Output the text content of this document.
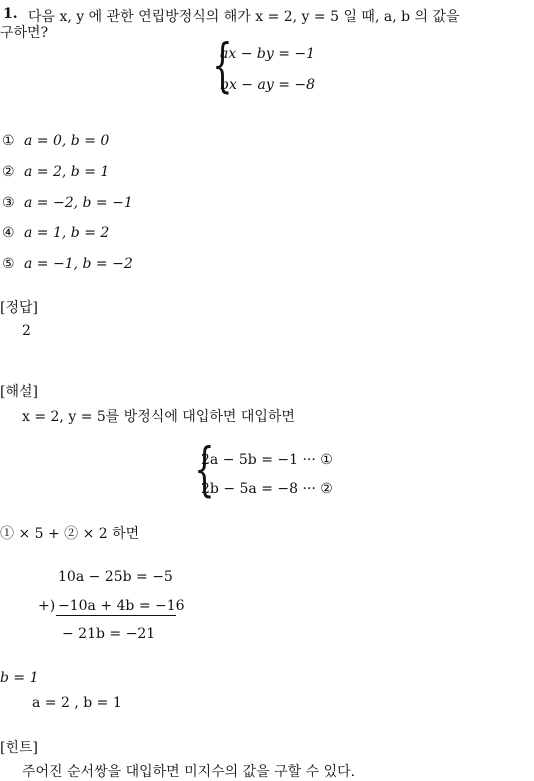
1. 다음 x, y 에 관한 연립방정식의 해가 x = 2, y = 5 일 때, a, b 의 값을
구하면?	{
ax − by = −1
bx − ay = −8
① a = 0, b = 0
② a = 2, b = 1
③ a = −2, b = −1
④ a = 1, b = 2
⑤ a = −1, b = −2
[정답]
2
[해설]
x = 2, y = 5를 방정식에 대입하면 대입하면
{
2a − 5b = −1 ··· ①
2b − 5a = −8 ··· ②
① × 5 + ② × 2 하면
10a − 25b = −5
+) −10a + 4b = −16
− 21b = −21
b = 1
a = 2 , b = 1
[힌트]
주어진 순서쌍을 대입하면 미지수의 값을 구할 수 있다.
